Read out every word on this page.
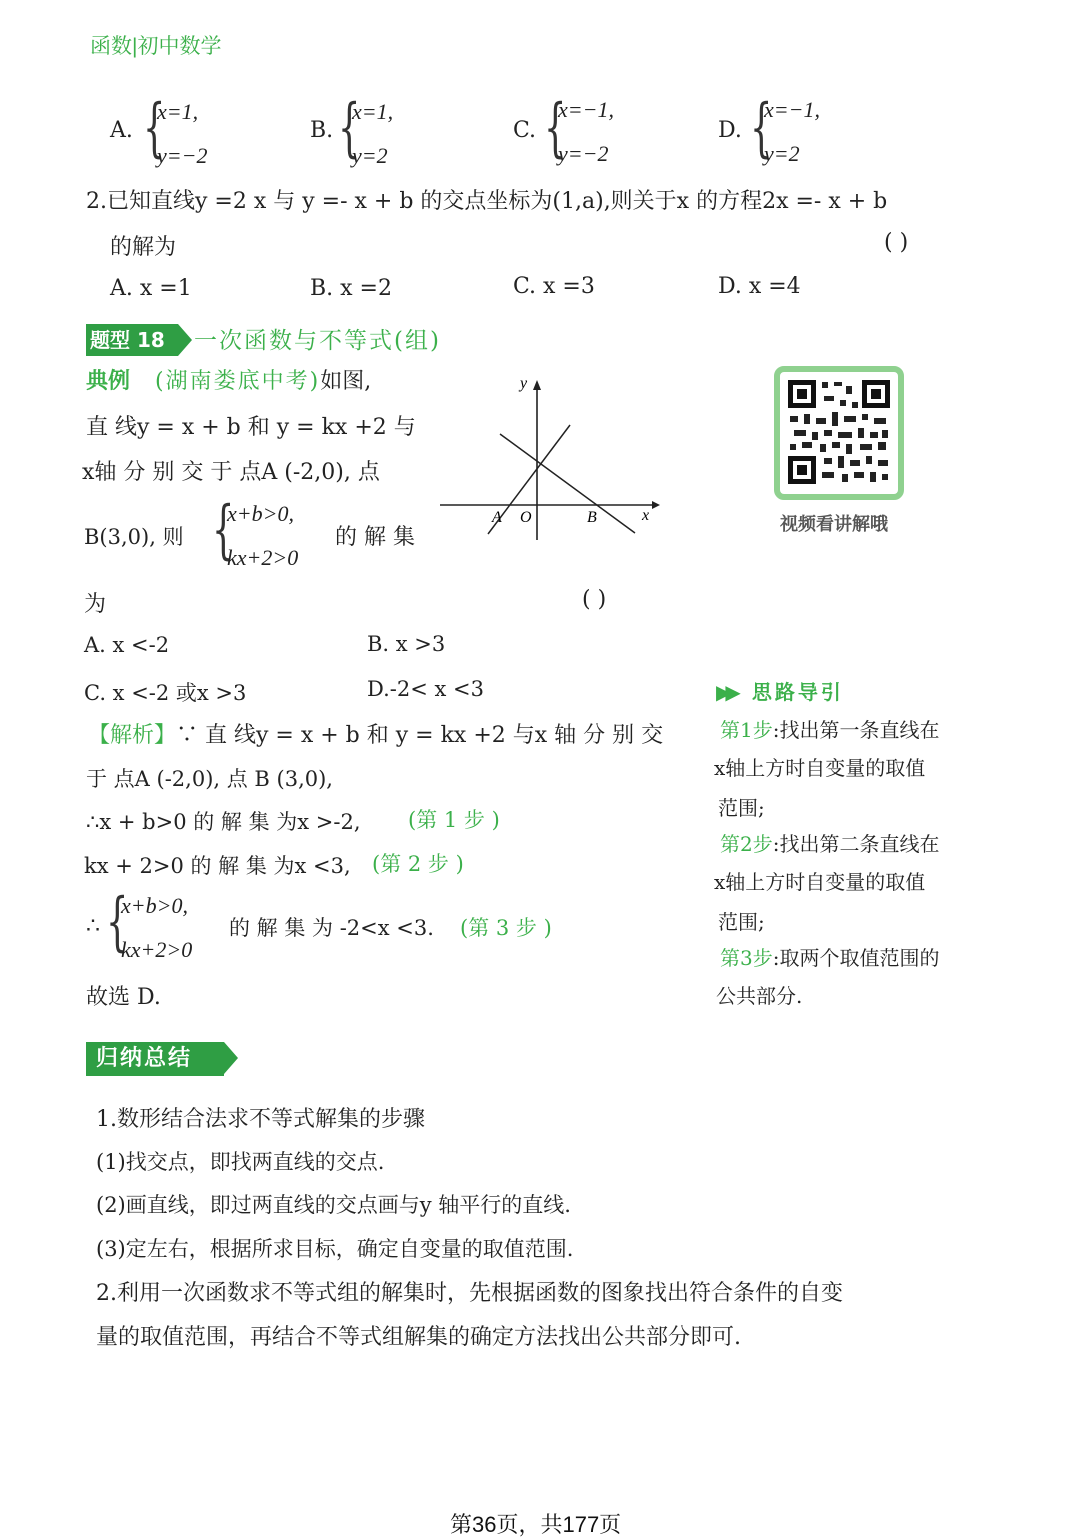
函数|初中数学
A. {
x=1,
y=−2
B. {
x=1,
y=2
C. {
x=−1,
y=−2
D. {
x=−1,
y=2
2.已知直线y =2 x 与 y =- x + b 的交点坐标为(1,a),则关于x 的方程2x =- x + b
的解为	( )
A. x =1	B. x =2	C. x =3	D. x =4
题型 18	一次函数与不等式(组)
典例 (湖南娄底中考)如图,
直 线y = x + b 和 y = kx +2 与
x轴 分 别 交 于 点A (-2,0), 点
B(3,0), 则 {
x+b>0,
kx+2>0
的 解 集
为	( )
A. x <-2	B. x >3
C. x <-2 或x >3	D.-2< x <3
y
x
A O	B	视频看讲解哦
【解析】∵ 直 线y = x + b 和 y = kx +2 与x 轴 分 别 交
于 点A (-2,0), 点 B (3,0),
∴x + b>0 的 解 集 为x >-2, (第 1 步 )
kx + 2>0 的 解 集 为x <3, (第 2 步 )
∴ {
x+b>0,
kx+2>0
的 解 集 为 -2<x <3. (第 3 步 )
故选 D.
▶▶ 思路导引
第1步:找出第一条直线在
x轴上方时自变量的取值
范围;
第2步:找出第二条直线在
x轴上方时自变量的取值
范围;
第3步:取两个取值范围的
公共部分.
归纳总结
1.数形结合法求不等式解集的步骤
(1)找交点，即找两直线的交点.
(2)画直线，即过两直线的交点画与y 轴平行的直线.
(3)定左右，根据所求目标，确定自变量的取值范围.
2.利用一次函数求不等式组的解集时，先根据函数的图象找出符合条件的自变
量的取值范围，再结合不等式组解集的确定方法找出公共部分即可.
第36页，共177页
